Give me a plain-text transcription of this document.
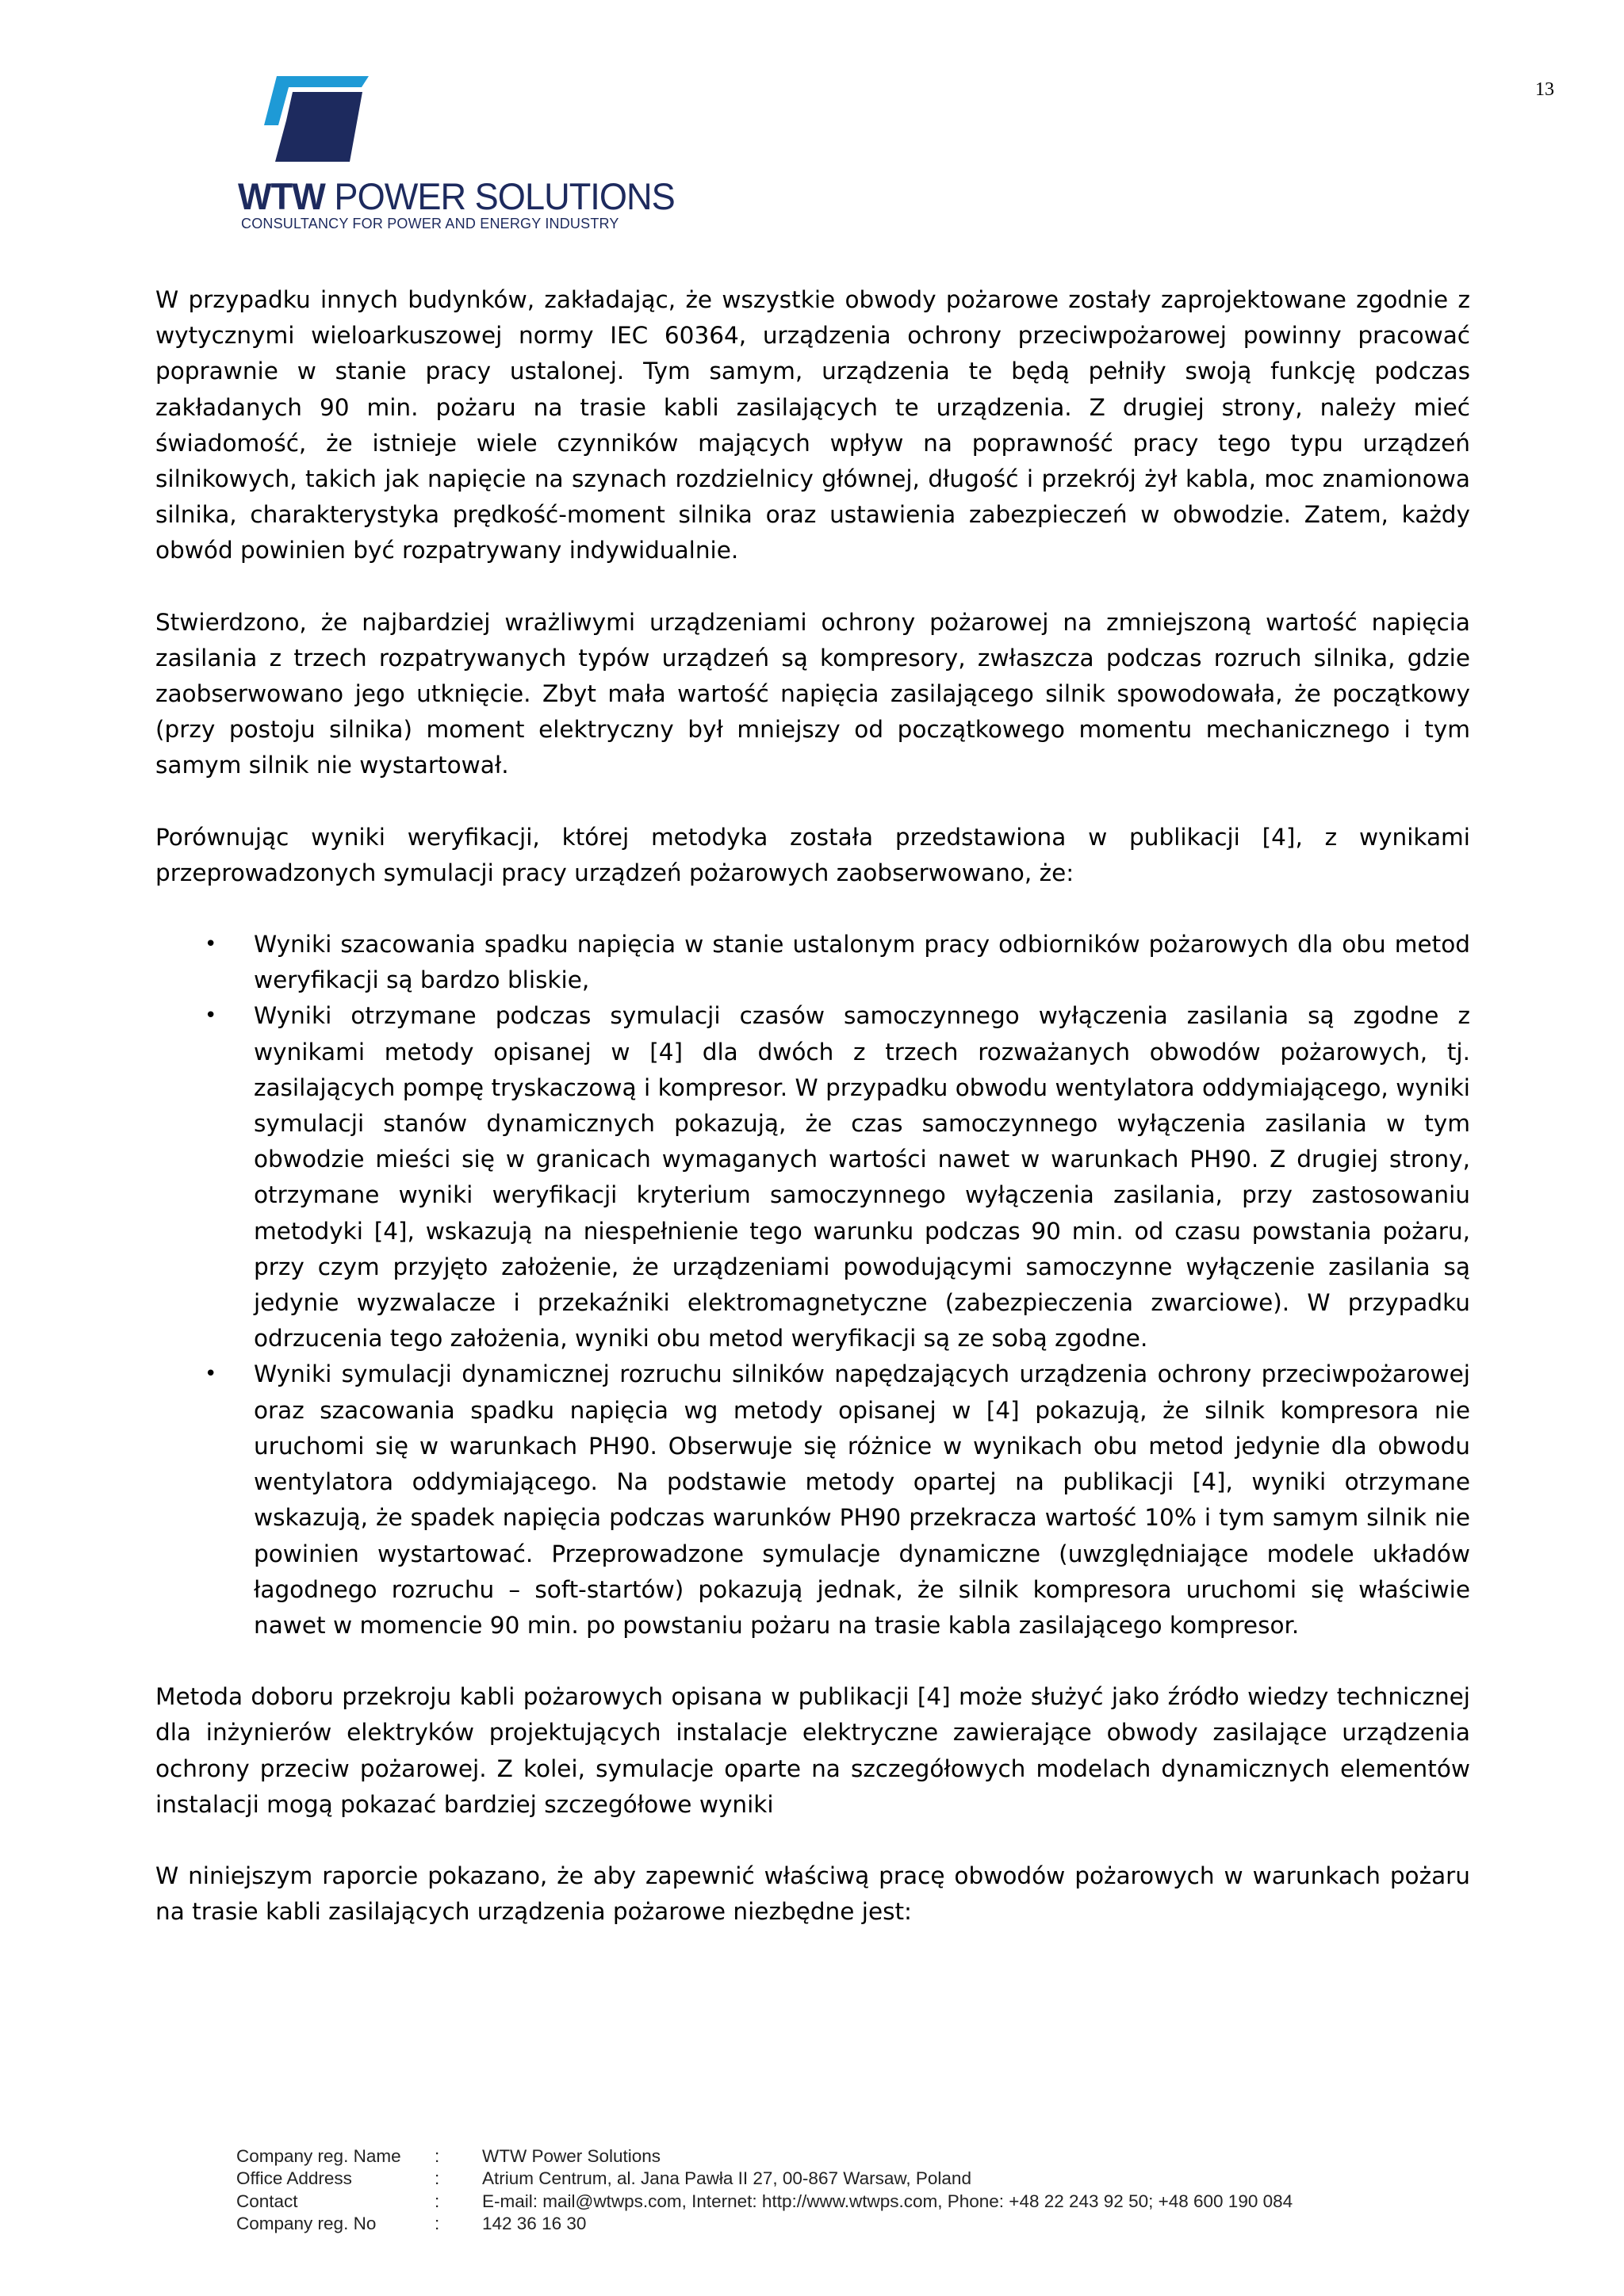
13
WTW POWER SOLUTIONS
CONSULTANCY FOR POWER AND ENERGY INDUSTRY

W przypadku innych budynków, zakładając, że wszystkie obwody pożarowe zostały zaprojektowane zgodnie z wytycznymi wieloarkuszowej normy IEC 60364, urządzenia ochrony przeciwpożarowej powinny pracować poprawnie w stanie pracy ustalonej. Tym samym, urządzenia te będą pełniły swoją funkcję podczas zakładanych 90 min. pożaru na trasie kabli zasilających te urządzenia. Z drugiej strony, należy mieć świadomość, że istnieje wiele czynników mających wpływ na poprawność pracy tego typu urządzeń silnikowych, takich jak napięcie na szynach rozdzielnicy głównej, długość i przekrój żył kabla, moc znamionowa silnika, charakterystyka prędkość-moment silnika oraz ustawienia zabezpieczeń w obwodzie. Zatem, każdy obwód powinien być rozpatrywany indywidualnie.

Stwierdzono, że najbardziej wrażliwymi urządzeniami ochrony pożarowej na zmniejszoną wartość napięcia zasilania z trzech rozpatrywanych typów urządzeń są kompresory, zwłaszcza podczas rozruch silnika, gdzie zaobserwowano jego utknięcie. Zbyt mała wartość napięcia zasilającego silnik spowodowała, że początkowy (przy postoju silnika) moment elektryczny był mniejszy od początkowego momentu mechanicznego i tym samym silnik nie wystartował.

Porównując wyniki weryfikacji, której metodyka została przedstawiona w publikacji [4], z wynikami przeprowadzonych symulacji pracy urządzeń pożarowych zaobserwowano, że:

• Wyniki szacowania spadku napięcia w stanie ustalonym pracy odbiorników pożarowych dla obu metod weryfikacji są bardzo bliskie,
• Wyniki otrzymane podczas symulacji czasów samoczynnego wyłączenia zasilania są zgodne z wynikami metody opisanej w [4] dla dwóch z trzech rozważanych obwodów pożarowych, tj. zasilających pompę tryskaczową i kompresor. W przypadku obwodu wentylatora oddymiającego, wyniki symulacji stanów dynamicznych pokazują, że czas samoczynnego wyłączenia zasilania w tym obwodzie mieści się w granicach wymaganych wartości nawet w warunkach PH90. Z drugiej strony, otrzymane wyniki weryfikacji kryterium samoczynnego wyłączenia zasilania, przy zastosowaniu metodyki [4], wskazują na niespełnienie tego warunku podczas 90 min. od czasu powstania pożaru, przy czym przyjęto założenie, że urządzeniami powodującymi samoczynne wyłączenie zasilania są jedynie wyzwalacze i przekaźniki elektromagnetyczne (zabezpieczenia zwarciowe). W przypadku odrzucenia tego założenia, wyniki obu metod weryfikacji są ze sobą zgodne.
• Wyniki symulacji dynamicznej rozruchu silników napędzających urządzenia ochrony przeciwpożarowej oraz szacowania spadku napięcia wg metody opisanej w [4] pokazują, że silnik kompresora nie uruchomi się w warunkach PH90. Obserwuje się różnice w wynikach obu metod jedynie dla obwodu wentylatora oddymiającego. Na podstawie metody opartej na publikacji [4], wyniki otrzymane wskazują, że spadek napięcia podczas warunków PH90 przekracza wartość 10% i tym samym silnik nie powinien wystartować. Przeprowadzone symulacje dynamiczne (uwzględniające modele układów łagodnego rozruchu – soft-startów) pokazują jednak, że silnik kompresora uruchomi się właściwie nawet w momencie 90 min. po powstaniu pożaru na trasie kabla zasilającego kompresor.

Metoda doboru przekroju kabli pożarowych opisana w publikacji [4] może służyć jako źródło wiedzy technicznej dla inżynierów elektryków projektujących instalacje elektryczne zawierające obwody zasilające urządzenia ochrony przeciw pożarowej. Z kolei, symulacje oparte na szczegółowych modelach dynamicznych elementów instalacji mogą pokazać bardziej szczegółowe wyniki

W niniejszym raporcie pokazano, że aby zapewnić właściwą pracę obwodów pożarowych w warunkach pożaru na trasie kabli zasilających urządzenia pożarowe niezbędne jest:

Company reg. Name : WTW Power Solutions
Office Address	: Atrium Centrum, al. Jana Pawła II 27, 00-867 Warsaw, Poland
Contact	: E-mail: mail@wtwps.com, Internet: http://www.wtwps.com, Phone: +48 22 243 92 50; +48 600 190 084
Company reg. No	: 142 36 16 30
